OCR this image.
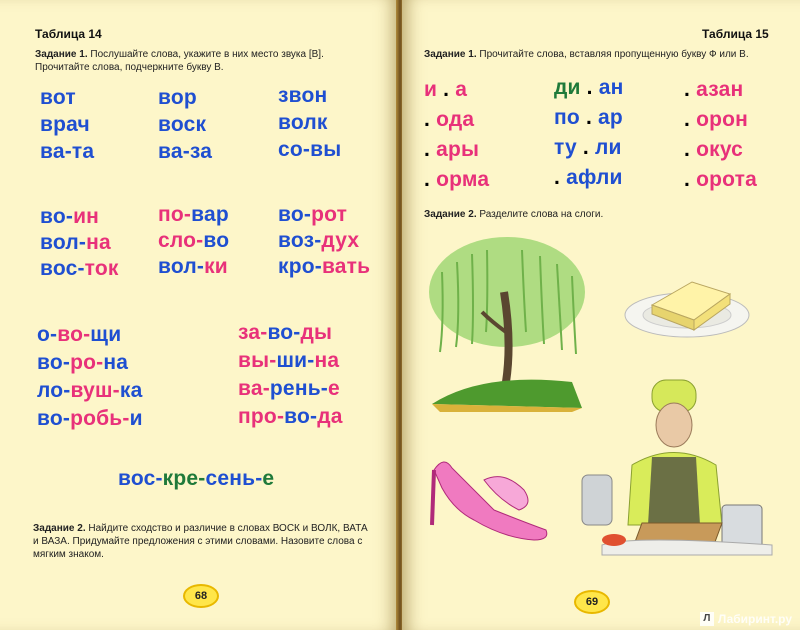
Таблица 14
Задание 1. Послушайте слова, укажите в них место звука [В]. Прочитайте слова, подчеркните букву В.
вот
врач
ва-та
вор
воск
ва-за
звон
волк
со-вы
во-ин
вол-на
вос-ток
по-вар
сло-во
вол-ки
во-рот
воз-дух
кро-вать
о-во-щи
во-ро-на
ло-вуш-ка
во-робь-и
за-во-ды
вы-ши-на
ва-рень-е
про-во-да
вос-кре-сень-е
Задание 2. Найдите сходство и различие в словах ВОСК и ВОЛК, ВАТА и ВАЗА. Придумайте предложения с этими словами. Назовите слова с мягким знаком.
68
Таблица 15
Задание 1. Прочитайте слова, вставляя пропущенную букву Ф или В.
и . а
. ода
. ары
. орма
ди . ан
по . ар
ту . ли
. афли
. азан
. орон
. окус
. орота
Задание 2. Разделите слова на слоги.
69
Л Лабиринт.ру
